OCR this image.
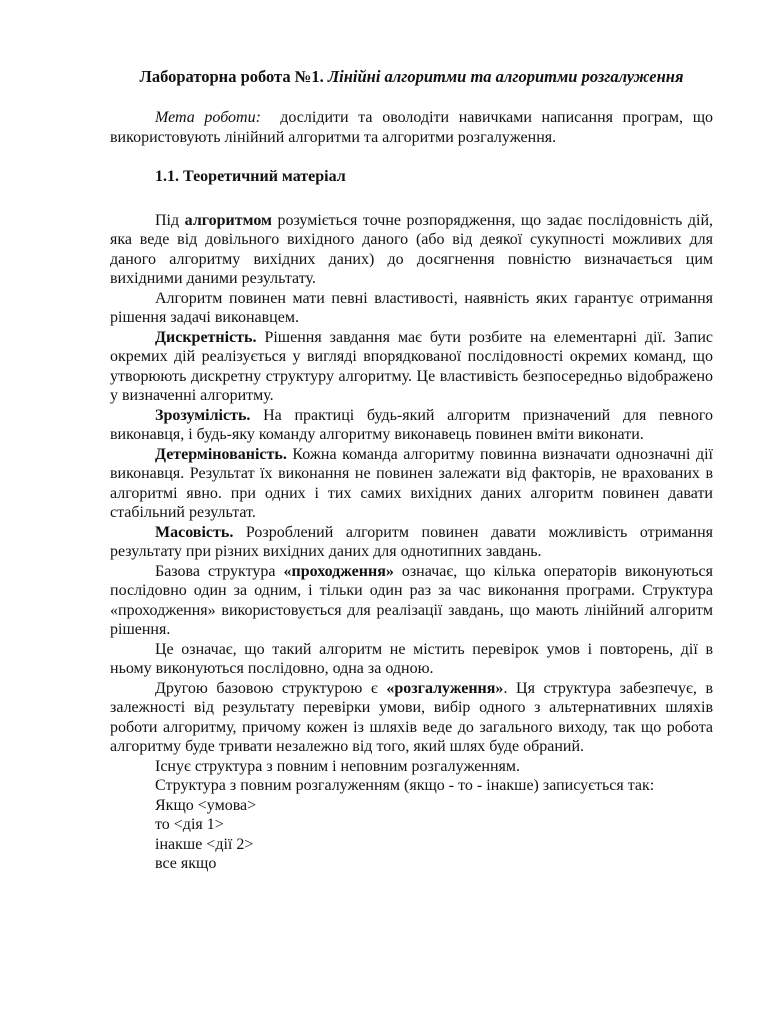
Лабораторна робота №1. Лінійні алгоритми та алгоритми розгалуження

Мета роботи: дослідити та оволодіти навичками написання програм, що використовують лінійний алгоритми та алгоритми розгалуження.

1.1. Теоретичний матеріал

Під алгоритмом розуміється точне розпорядження, що задає послідовність дій, яка веде від довільного вихідного даного (або від деякої сукупності можливих для даного алгоритму вихідних даних) до досягнення повністю визначається цим вихідними даними результату.

Алгоритм повинен мати певні властивості, наявність яких гарантує отримання рішення задачі виконавцем.

Дискретність. Рішення завдання має бути розбите на елементарні дії. Запис окремих дій реалізується у вигляді впорядкованої послідовності окремих команд, що утворюють дискретну структуру алгоритму. Це властивість безпосередньо відображено у визначенні алгоритму.

Зрозумілість. На практиці будь-який алгоритм призначений для певного виконавця, і будь-яку команду алгоритму виконавець повинен вміти виконати.

Детермінованість. Кожна команда алгоритму повинна визначати однозначні дії виконавця. Результат їх виконання не повинен залежати від факторів, не врахованих в алгоритмі явно. при одних і тих самих вихідних даних алгоритм повинен давати стабільний результат.

Масовість. Розроблений алгоритм повинен давати можливість отримання результату при різних вихідних даних для однотипних завдань.

Базова структура «проходження» означає, що кілька операторів виконуються послідовно один за одним, і тільки один раз за час виконання програми. Структура «проходження» використовується для реалізації завдань, що мають лінійний алгоритм рішення.

Це означає, що такий алгоритм не містить перевірок умов і повторень, дії в ньому виконуються послідовно, одна за одною.

Другою базовою структурою є «розгалуження». Ця структура забезпечує, в залежності від результату перевірки умови, вибір одного з альтернативних шляхів роботи алгоритму, причому кожен із шляхів веде до загального виходу, так що робота алгоритму буде тривати незалежно від того, який шлях буде обраний.

Існує структура з повним і неповним розгалуженням.

Структура з повним розгалуженням (якщо - то - інакше) записується так:

Якщо <умова>

то <дія 1>

інакше <дії 2>

все якщо
